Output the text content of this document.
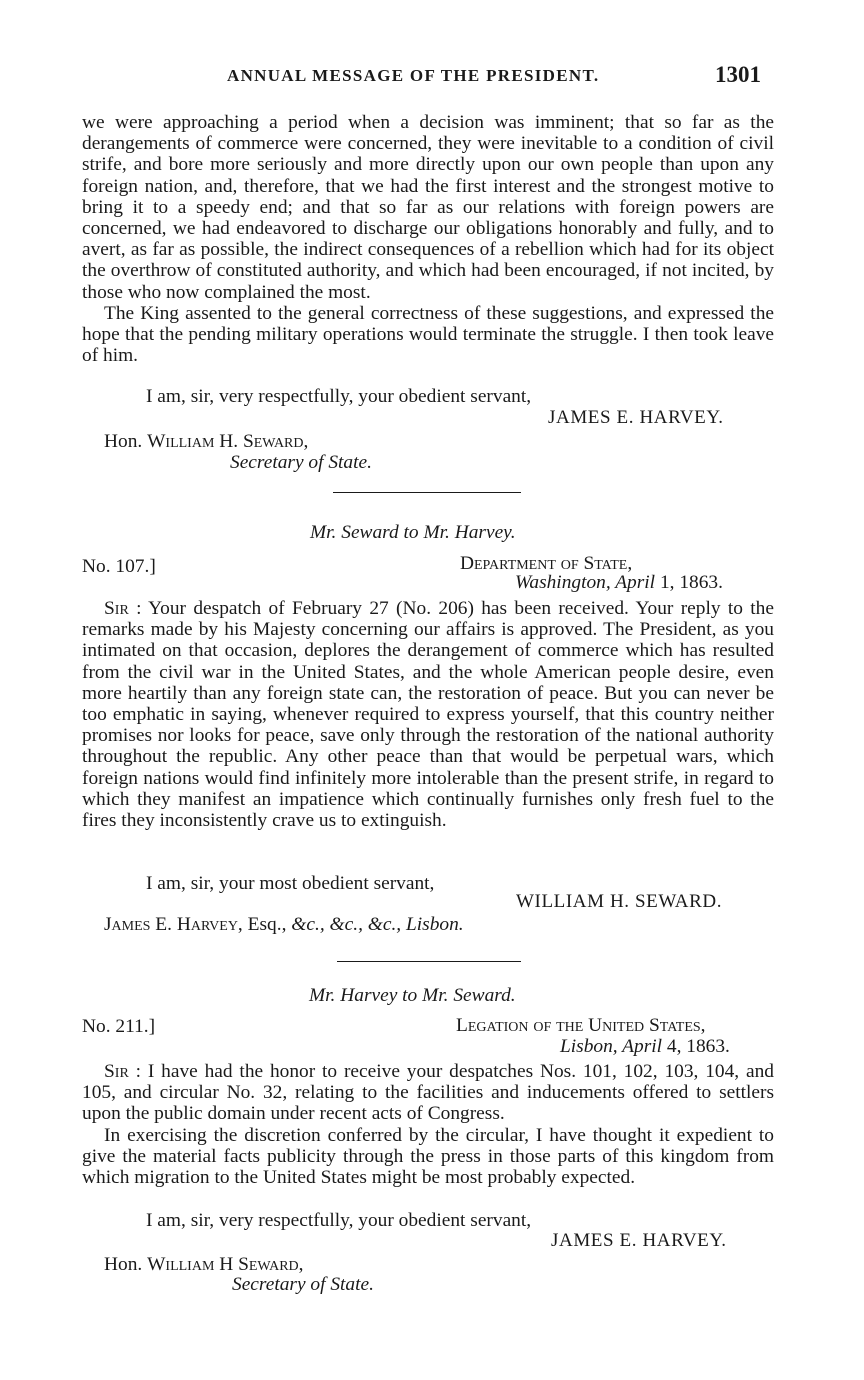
ANNUAL MESSAGE OF THE PRESIDENT.	1301

we were approaching a period when a decision was imminent; that so far as the derangements of commerce were concerned, they were inevitable to a condition of civil strife, and bore more seriously and more directly upon our own people than upon any foreign nation, and, therefore, that we had the first interest and the strongest motive to bring it to a speedy end; and that so far as our relations with foreign powers are concerned, we had endeavored to discharge our obligations honorably and fully, and to avert, as far as possible, the indirect consequences of a rebellion which had for its object the overthrow of constituted authority, and which had been encouraged, if not incited, by those who now complained the most.

The King assented to the general correctness of these suggestions, and expressed the hope that the pending military operations would terminate the struggle. I then took leave of him.

I am, sir, very respectfully, your obedient servant,
JAMES E. HARVEY.
Hon. William H. Seward,
Secretary of State.
Mr. Seward to Mr. Harvey.
No. 107.]	Department of State,
Washington, April 1, 1863.

Sir : Your despatch of February 27 (No. 206) has been received. Your reply to the remarks made by his Majesty concerning our affairs is approved. The President, as you intimated on that occasion, deplores the derangement of commerce which has resulted from the civil war in the United States, and the whole American people desire, even more heartily than any foreign state can, the restoration of peace. But you can never be too emphatic in saying, whenever required to express yourself, that this country neither promises nor looks for peace, save only through the restoration of the national authority throughout the republic. Any other peace than that would be perpetual wars, which foreign nations would find infinitely more intolerable than the present strife, in regard to which they manifest an impatience which continually furnishes only fresh fuel to the fires they inconsistently crave us to extinguish.

I am, sir, your most obedient servant,
WILLIAM H. SEWARD.
James E. Harvey, Esq., &c., &c., &c., Lisbon.
Mr. Harvey to Mr. Seward.
No. 211.]	Legation of the United States,
Lisbon, April 4, 1863.

Sir : I have had the honor to receive your despatches Nos. 101, 102, 103, 104, and 105, and circular No. 32, relating to the facilities and inducements offered to settlers upon the public domain under recent acts of Congress.

In exercising the discretion conferred by the circular, I have thought it expedient to give the material facts publicity through the press in those parts of this kingdom from which migration to the United States might be most probably expected.

I am, sir, very respectfully, your obedient servant,
JAMES E. HARVEY.
Hon. William H Seward,
Secretary of State.
